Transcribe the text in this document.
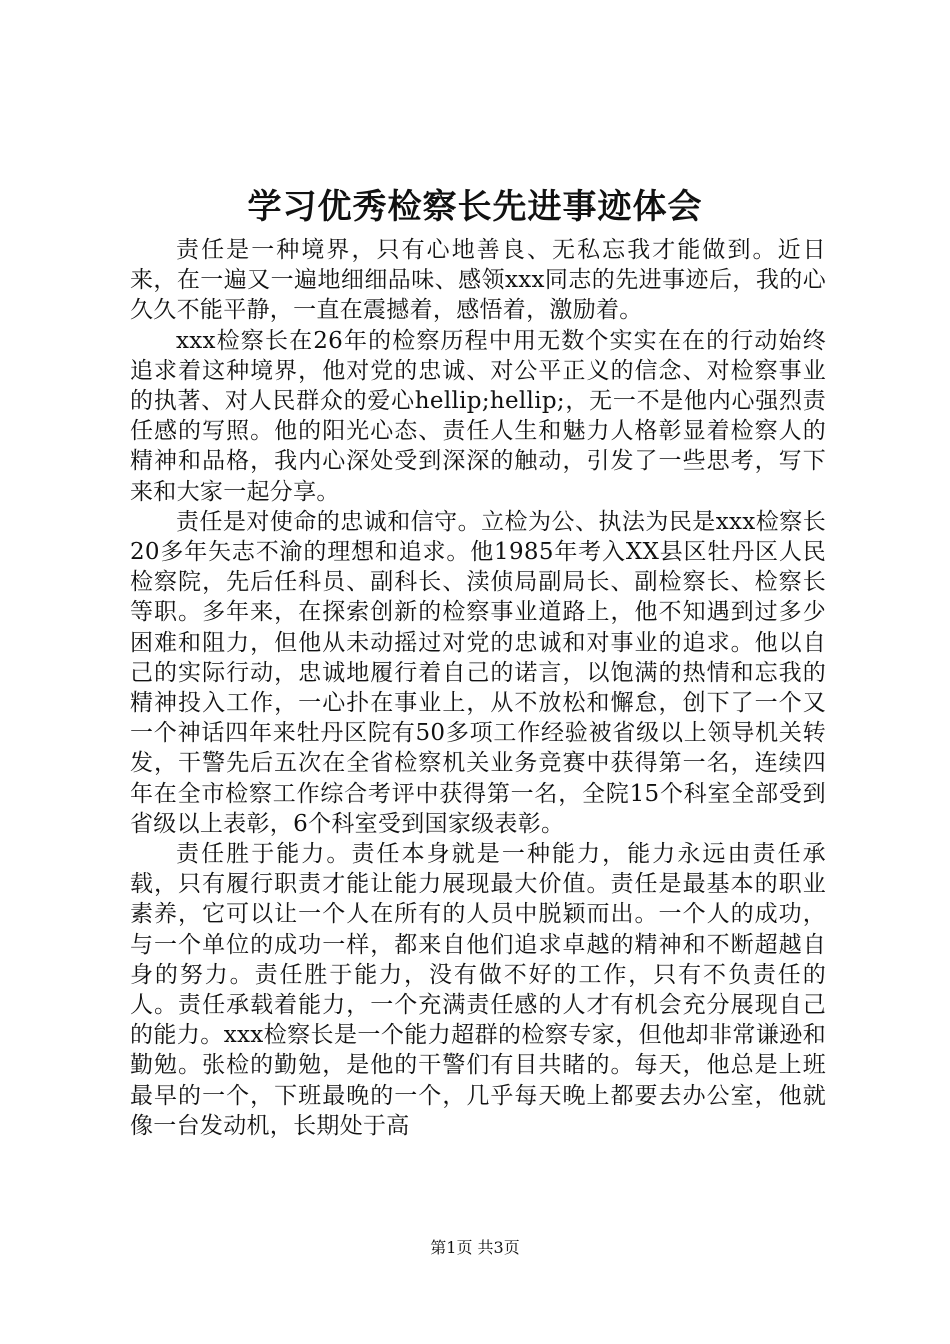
学习优秀检察长先进事迹体会

责任是一种境界，只有心地善良、无私忘我才能做到。近日来，在一遍又一遍地细细品味、感领xxx同志的先进事迹后，我的心久久不能平静，一直在震撼着，感悟着，激励着。

xxx检察长在26年的检察历程中用无数个实实在在的行动始终追求着这种境界，他对党的忠诚、对公平正义的信念、对检察事业的执著、对人民群众的爱心hellip;hellip;，无一不是他内心强烈责任感的写照。他的阳光心态、责任人生和魅力人格彰显着检察人的精神和品格，我内心深处受到深深的触动，引发了一些思考，写下来和大家一起分享。

责任是对使命的忠诚和信守。立检为公、执法为民是xxx检察长20多年矢志不渝的理想和追求。他1985年考入XX县区牡丹区人民检察院，先后任科员、副科长、渎侦局副局长、副检察长、检察长等职。多年来，在探索创新的检察事业道路上，他不知遇到过多少困难和阻力，但他从未动摇过对党的忠诚和对事业的追求。他以自己的实际行动，忠诚地履行着自己的诺言，以饱满的热情和忘我的精神投入工作，一心扑在事业上，从不放松和懈怠，创下了一个又一个神话四年来牡丹区院有50多项工作经验被省级以上领导机关转发，干警先后五次在全省检察机关业务竞赛中获得第一名，连续四年在全市检察工作综合考评中获得第一名，全院15个科室全部受到省级以上表彰，6个科室受到国家级表彰。

责任胜于能力。责任本身就是一种能力，能力永远由责任承载，只有履行职责才能让能力展现最大价值。责任是最基本的职业素养，它可以让一个人在所有的人员中脱颖而出。一个人的成功，与一个单位的成功一样，都来自他们追求卓越的精神和不断超越自身的努力。责任胜于能力，没有做不好的工作，只有不负责任的人。责任承载着能力，一个充满责任感的人才有机会充分展现自己的能力。xxx检察长是一个能力超群的检察专家，但他却非常谦逊和勤勉。张检的勤勉，是他的干警们有目共睹的。每天，他总是上班最早的一个，下班最晚的一个，几乎每天晚上都要去办公室，他就像一台发动机，长期处于高

第1页 共3页
